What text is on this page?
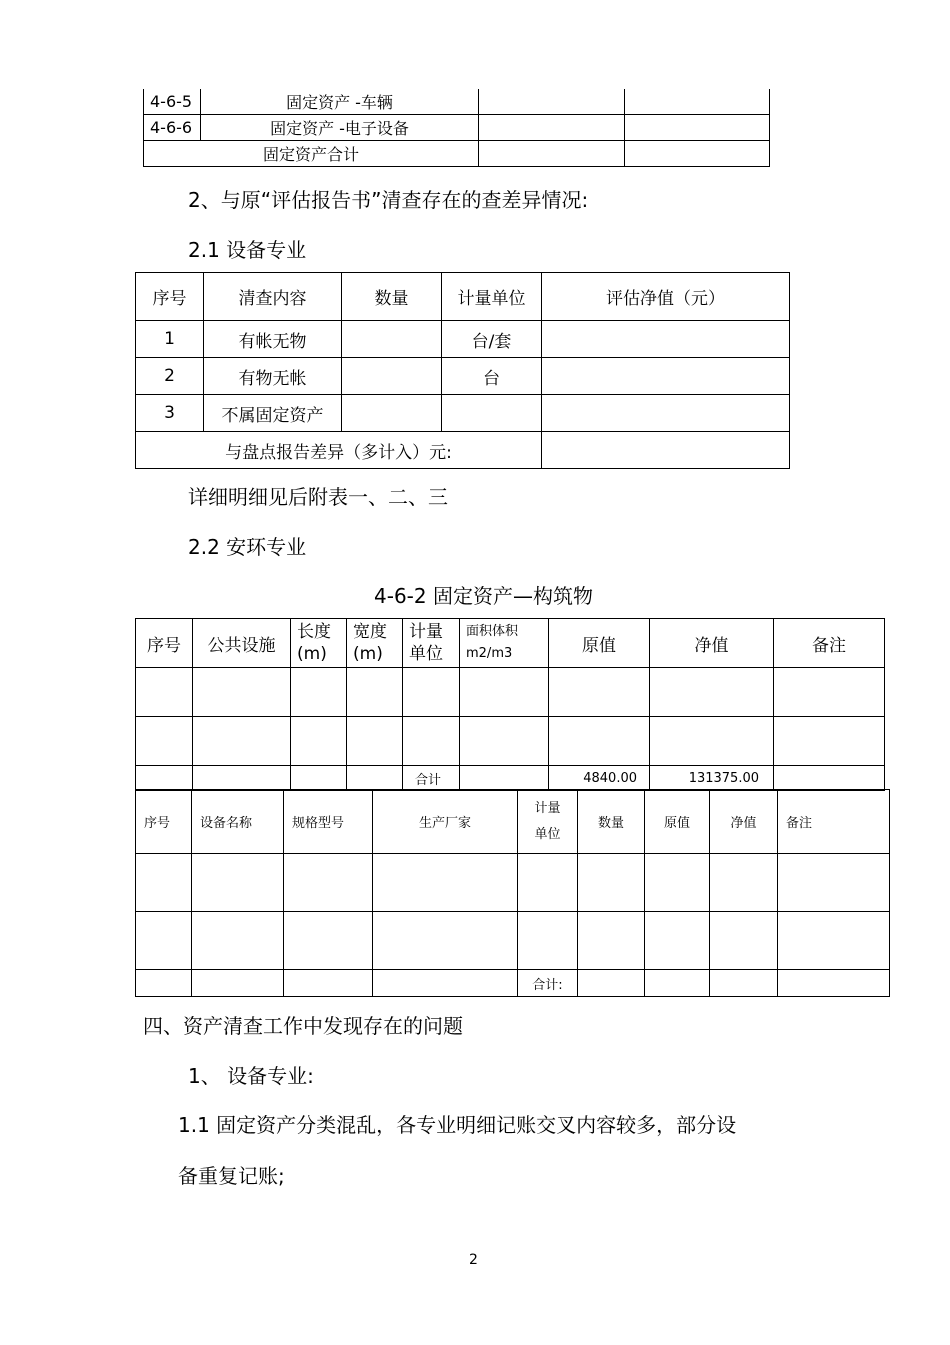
4-6-5	固定资产 -车辆		
4-6-6	固定资产 -电子设备		
固定资产合计			
2、与原“评估报告书”清查存在的查差异情况:
2.1 设备专业
序号	清查内容	数量	计量单位	评估净值（元）
1	有帐无物		台/套	
2	有物无帐		台	
3	不属固定资产			
与盘点报告差异（多计入）元:				
详细明细见后附表一、二、三
2.2 安环专业
4-6-2 固定资产—构筑物
序号	公共设施	长度(m)	宽度(m)	计量单位	面积体积m2/m3	原值	净值	备注

				合计		4840.00	131375.00	
序号	设备名称	规格型号	生产厂家	计量单位	数量	原值	净值	备注

				合计:				
四、资产清查工作中发现存在的问题
1、 设备专业:
1.1 固定资产分类混乱，各专业明细记账交叉内容较多，部分设
备重复记账;
2
